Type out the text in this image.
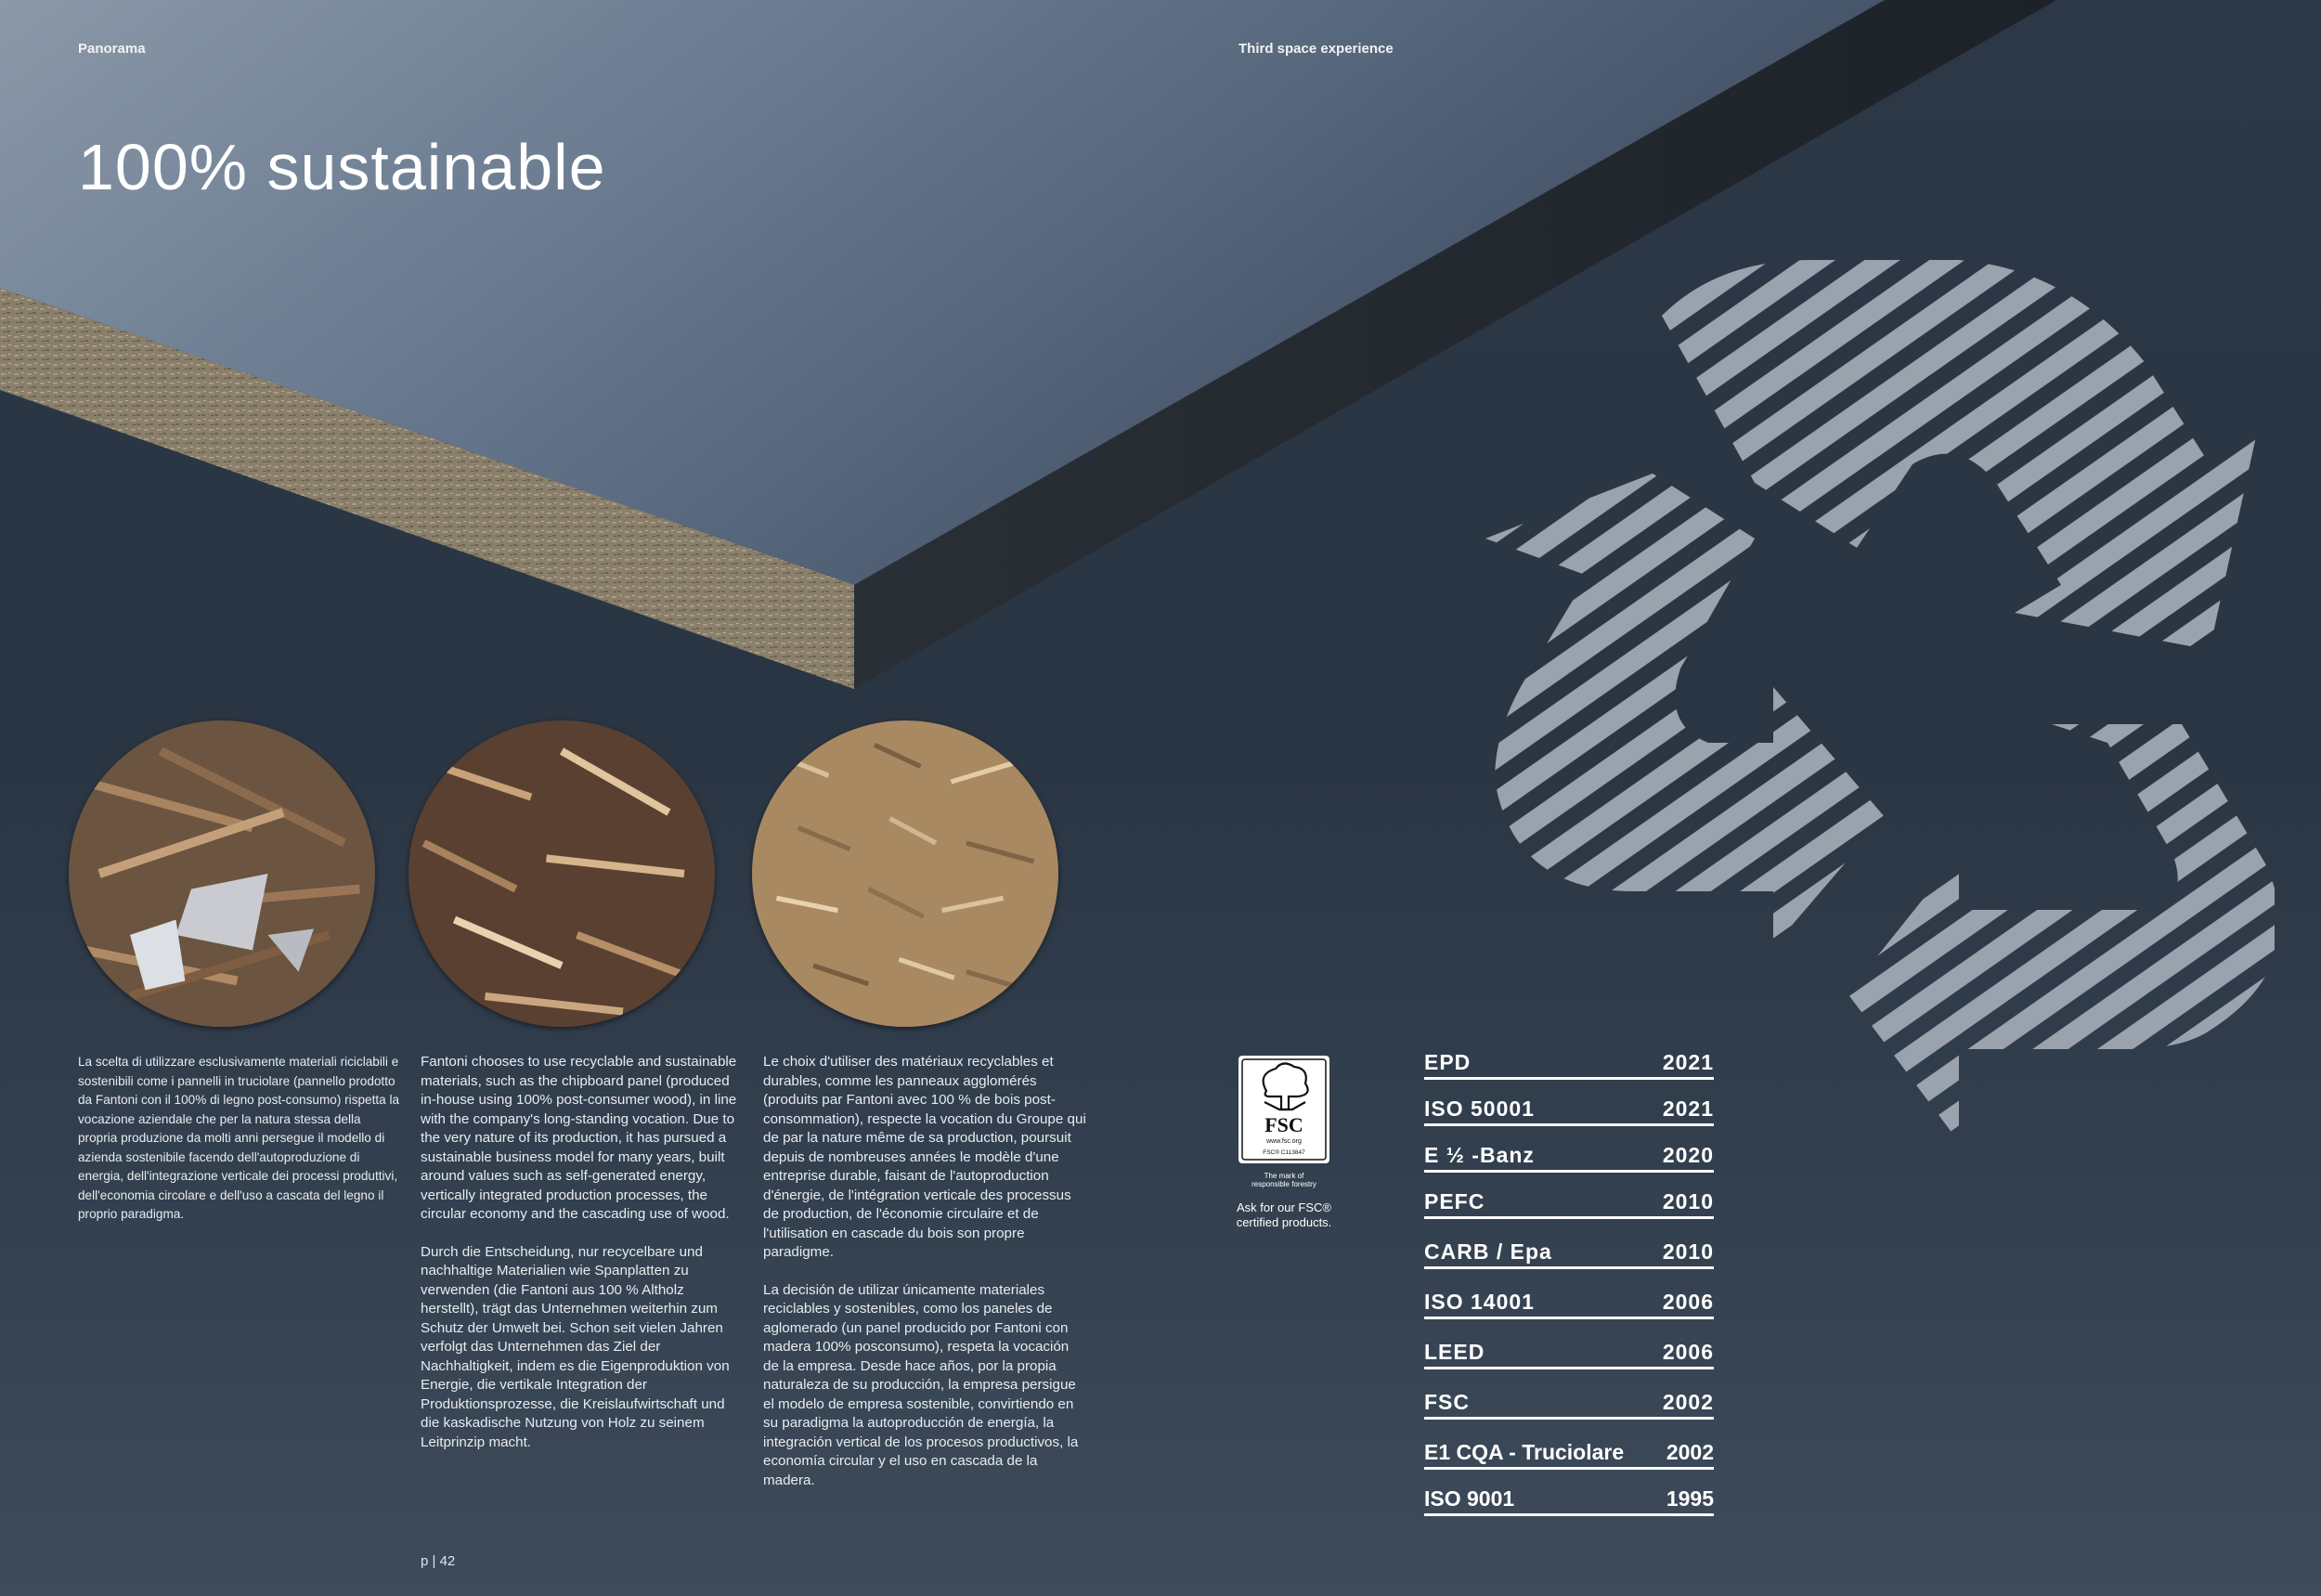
Panorama	Third space experience
100% sustainable

La scelta di utilizzare esclusivamente materiali riciclabili e sostenibili come i pannelli in truciolare (pannello prodotto da Fantoni con il 100% di legno post-consumo) rispetta la vocazione aziendale che per la natura stessa della propria produzione da molti anni persegue il modello di azienda sostenibile facendo dell'autoproduzione di energia, dell'integrazione verticale dei processi produttivi, dell'economia circolare e dell'uso a cascata del legno il proprio paradigma.

Fantoni chooses to use recyclable and sustainable materials, such as the chipboard panel (produced in-house using 100% post-consumer wood), in line with the company's long-standing vocation. Due to the very nature of its production, it has pursued a sustainable business model for many years, built around values such as self-generated energy, vertically integrated production processes, the circular economy and the cascading use of wood.

Durch die Entscheidung, nur recycelbare und nachhaltige Materialien wie Spanplatten zu verwenden (die Fantoni aus 100 % Altholz herstellt), trägt das Unternehmen weiterhin zum Schutz der Umwelt bei. Schon seit vielen Jahren verfolgt das Unternehmen das Ziel der Nachhaltigkeit, indem es die Eigenproduktion von Energie, die vertikale Integration der Produktionsprozesse, die Kreislaufwirtschaft und die kaskadische Nutzung von Holz zu seinem Leitprinzip macht.

Le choix d'utiliser des matériaux recyclables et durables, comme les panneaux agglomérés (produits par Fantoni avec 100 % de bois post-consommation), respecte la vocation du Groupe qui de par la nature même de sa production, poursuit depuis de nombreuses années le modèle d'une entreprise durable, faisant de l'autoproduction d'énergie, de l'intégration verticale des processus de production, de l'économie circulaire et de l'utilisation en cascade du bois son propre paradigme.

La decisión de utilizar únicamente materiales reciclables y sostenibles, como los paneles de aglomerado (un panel producido por Fantoni con madera 100% posconsumo), respeta la vocación de la empresa. Desde hace años, por la propia naturaleza de su producción, la empresa persigue el modelo de empresa sostenible, convirtiendo en su paradigma la autoproducción de energía, la integración vertical de los procesos productivos, la economía circular y el uso en cascada de la madera.

p | 42
FSC
www.fsc.org
FSC® C113847
The mark of
responsible forestry
Ask for our FSC®
certified products.
EPD	2021
ISO 50001	2021
E ½ -Banz	2020
PEFC	2010
CARB / Epa	2010
ISO 14001	2006
LEED	2006
FSC	2002
E1 CQA - Truciolare 2002
ISO 9001	1995
